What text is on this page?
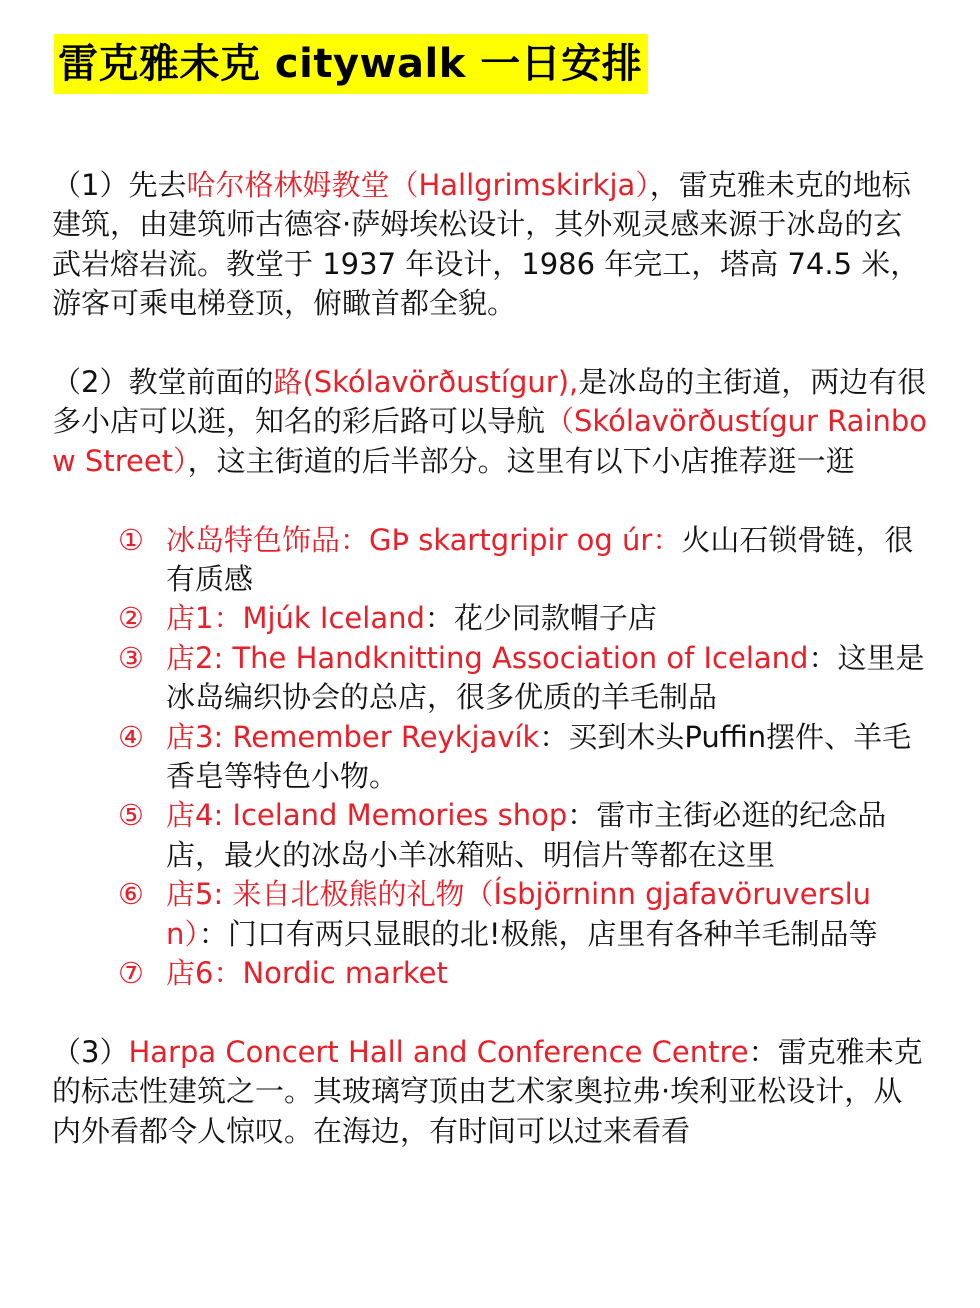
雷克雅未克 citywalk 一日安排

（1）先去哈尔格林姆教堂（Hallgrimskirkja），雷克雅未克的地标建筑，由建筑师古德容·萨姆埃松设计，其外观灵感来源于冰岛的玄武岩熔岩流。教堂于 1937 年设计，1986 年完工，塔高 74.5 米，游客可乘电梯登顶，俯瞰首都全貌。

（2）教堂前面的路(Skólavörðustígur),是冰岛的主街道，两边有很多小店可以逛，知名的彩后路可以导航（Skólavörðustígur Rainbow Street），这主街道的后半部分。这里有以下小店推荐逛一逛

① 冰岛特色饰品：GÞ skartgripir og úr：火山石锁骨链，很有质感
② 店1：Mjúk Iceland：花少同款帽子店
③ 店2: The Handknitting Association of Iceland：这里是冰岛编织协会的总店，很多优质的羊毛制品
④ 店3: Remember Reykjavík：买到木头Puffin摆件、羊毛香皂等特色小物。
⑤ 店4: Iceland Memories shop：雷市主街必逛的纪念品店，最火的冰岛小羊冰箱贴、明信片等都在这里
⑥ 店5: 来自北极熊的礼物（Ísbjörninn gjafavöruverslun）：门口有两只显眼的北!极熊，店里有各种羊毛制品等
⑦ 店6：Nordic market

（3）Harpa Concert Hall and Conference Centre：雷克雅未克的标志性建筑之一。其玻璃穹顶由艺术家奥拉弗·埃利亚松设计，从内外看都令人惊叹。在海边，有时间可以过来看看
